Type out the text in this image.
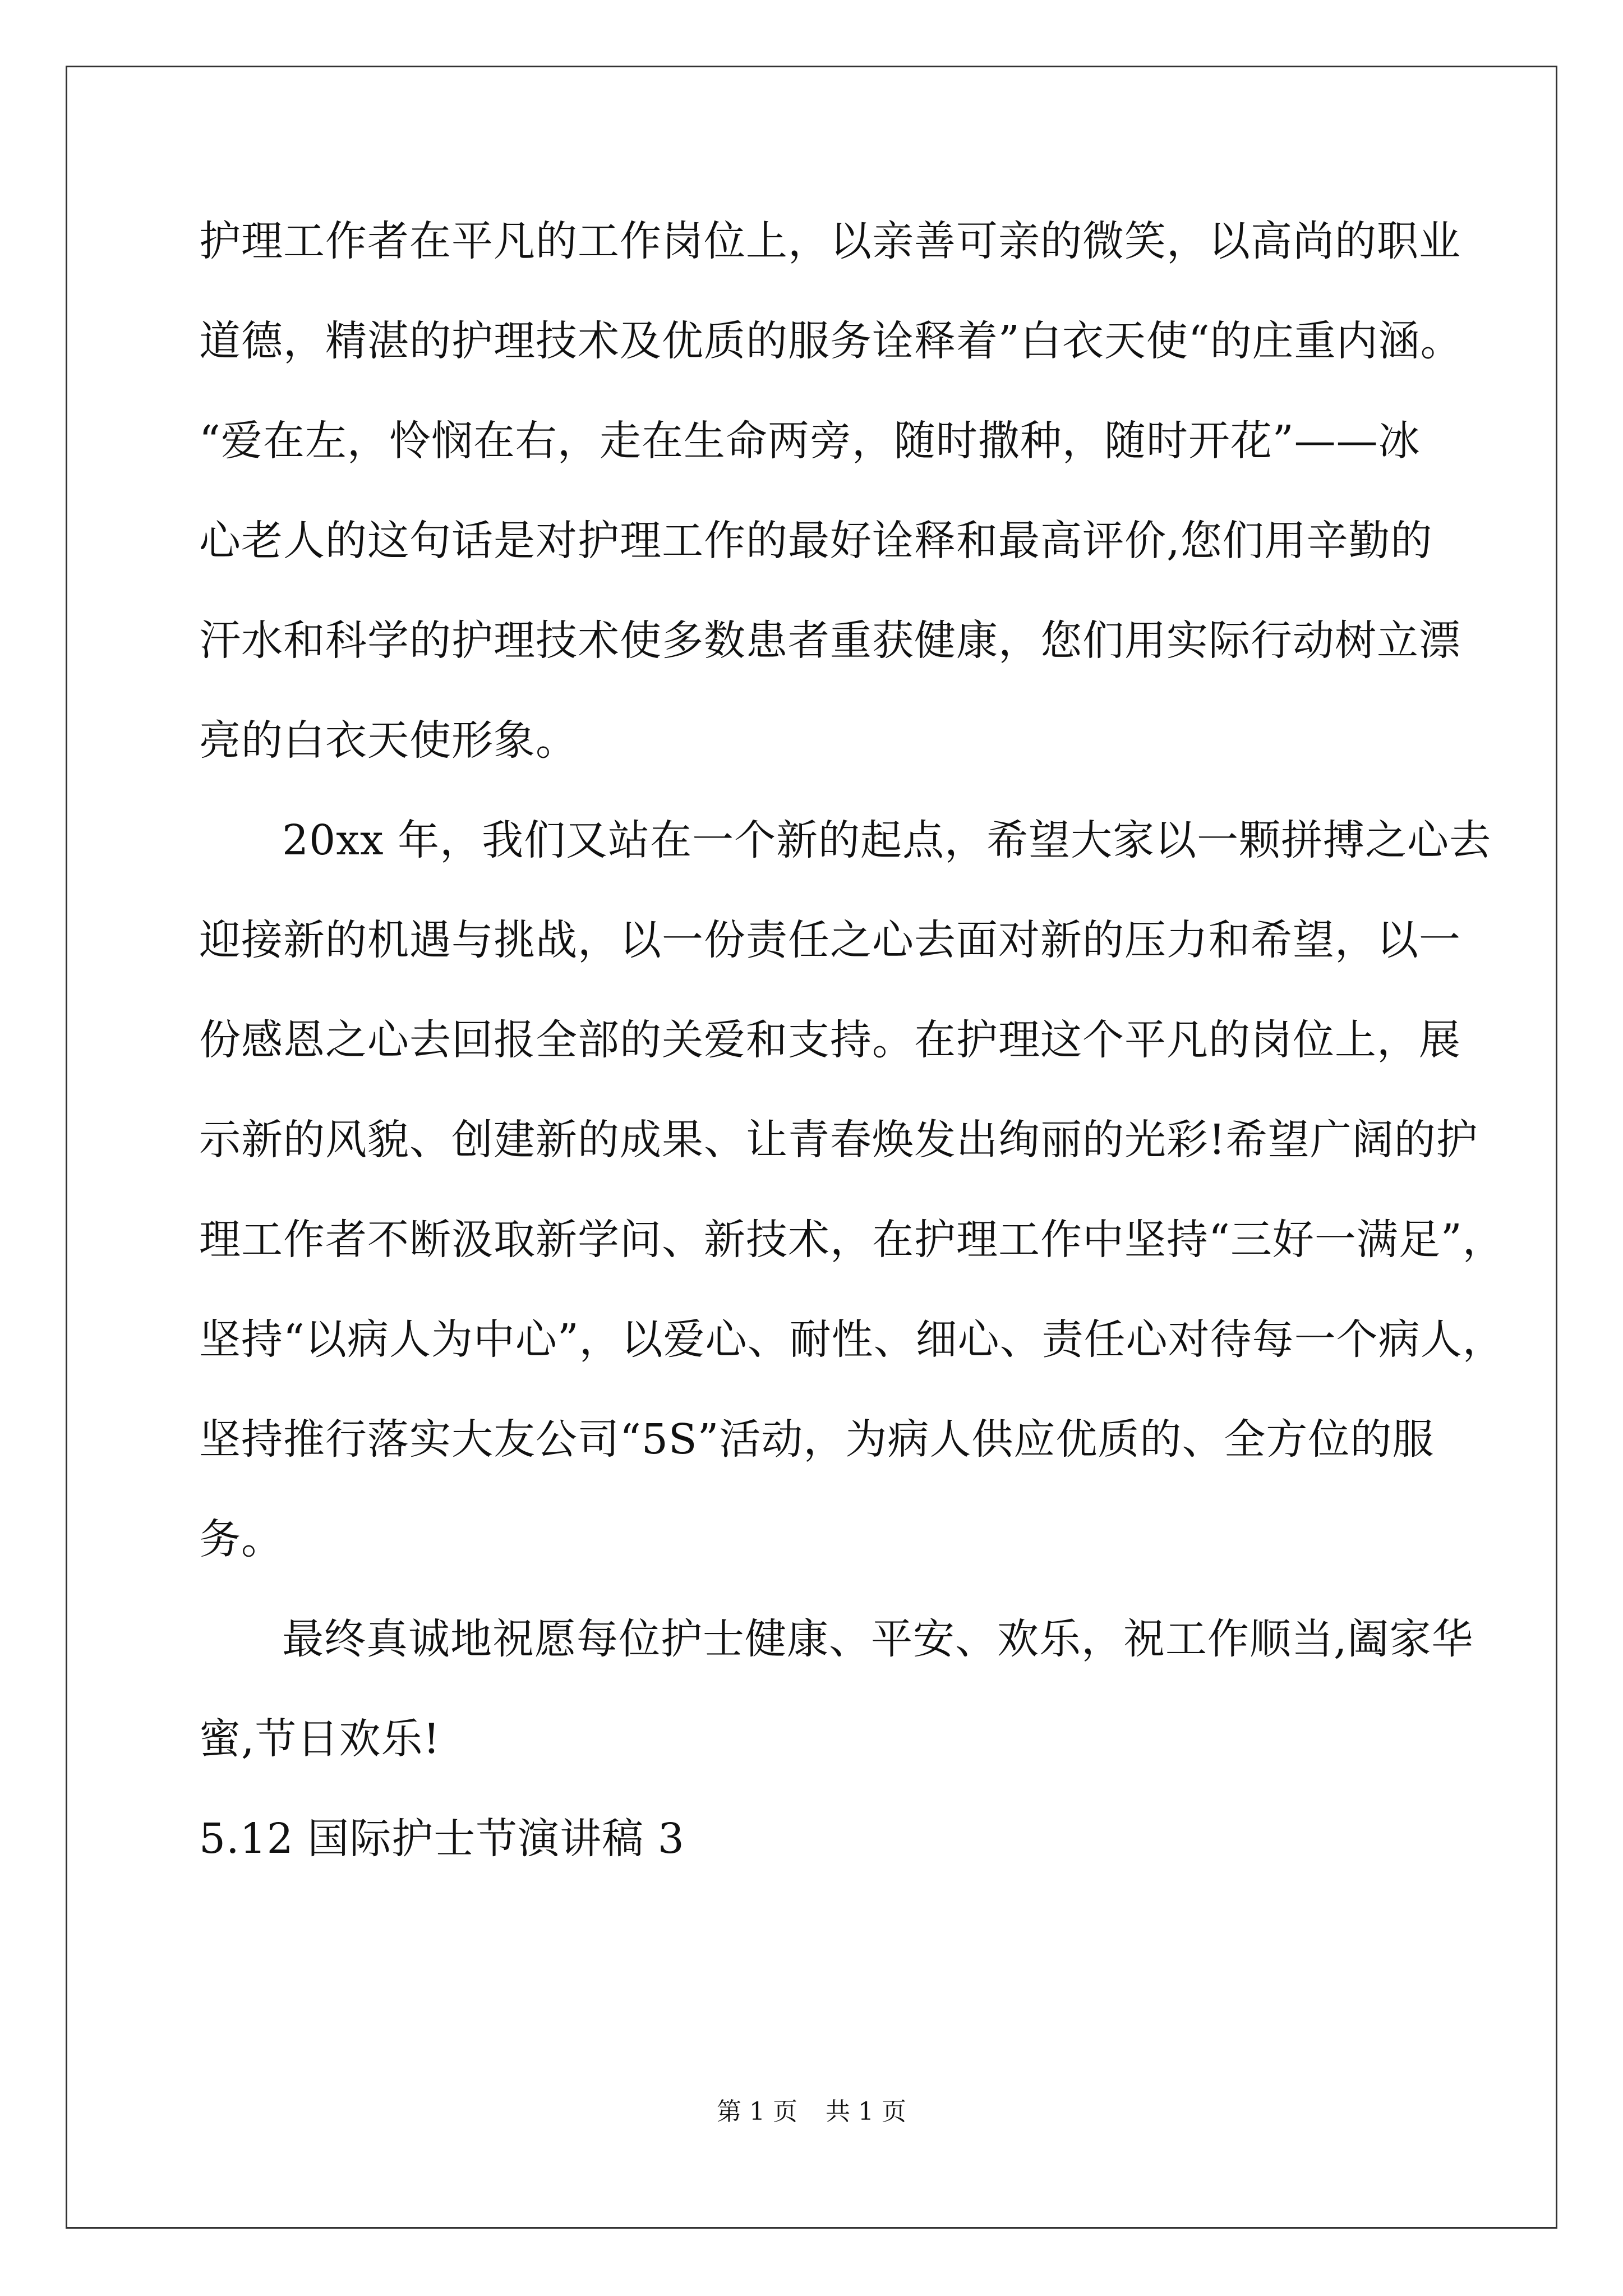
护理工作者在平凡的工作岗位上，以亲善可亲的微笑，以高尚的职业
道德，精湛的护理技术及优质的服务诠释着”白衣天使“的庄重内涵。
“爱在左，怜悯在右，走在生命两旁，随时撒种，随时开花”——冰
心老人的这句话是对护理工作的最好诠释和最高评价,您们用辛勤的
汗水和科学的护理技术使多数患者重获健康，您们用实际行动树立漂
亮的白衣天使形象。
20xx 年，我们又站在一个新的起点，希望大家以一颗拼搏之心去
迎接新的机遇与挑战，以一份责任之心去面对新的压力和希望，以一
份感恩之心去回报全部的关爱和支持。在护理这个平凡的岗位上，展
示新的风貌、创建新的成果、让青春焕发出绚丽的光彩!希望广阔的护
理工作者不断汲取新学问、新技术，在护理工作中坚持“三好一满足”，
坚持“以病人为中心”，以爱心、耐性、细心、责任心对待每一个病人，
坚持推行落实大友公司“5S”活动，为病人供应优质的、全方位的服
务。
最终真诚地祝愿每位护士健康、平安、欢乐，祝工作顺当,阖家华
蜜,节日欢乐!
5.12 国际护士节演讲稿 3
第 1 页 共 1 页
